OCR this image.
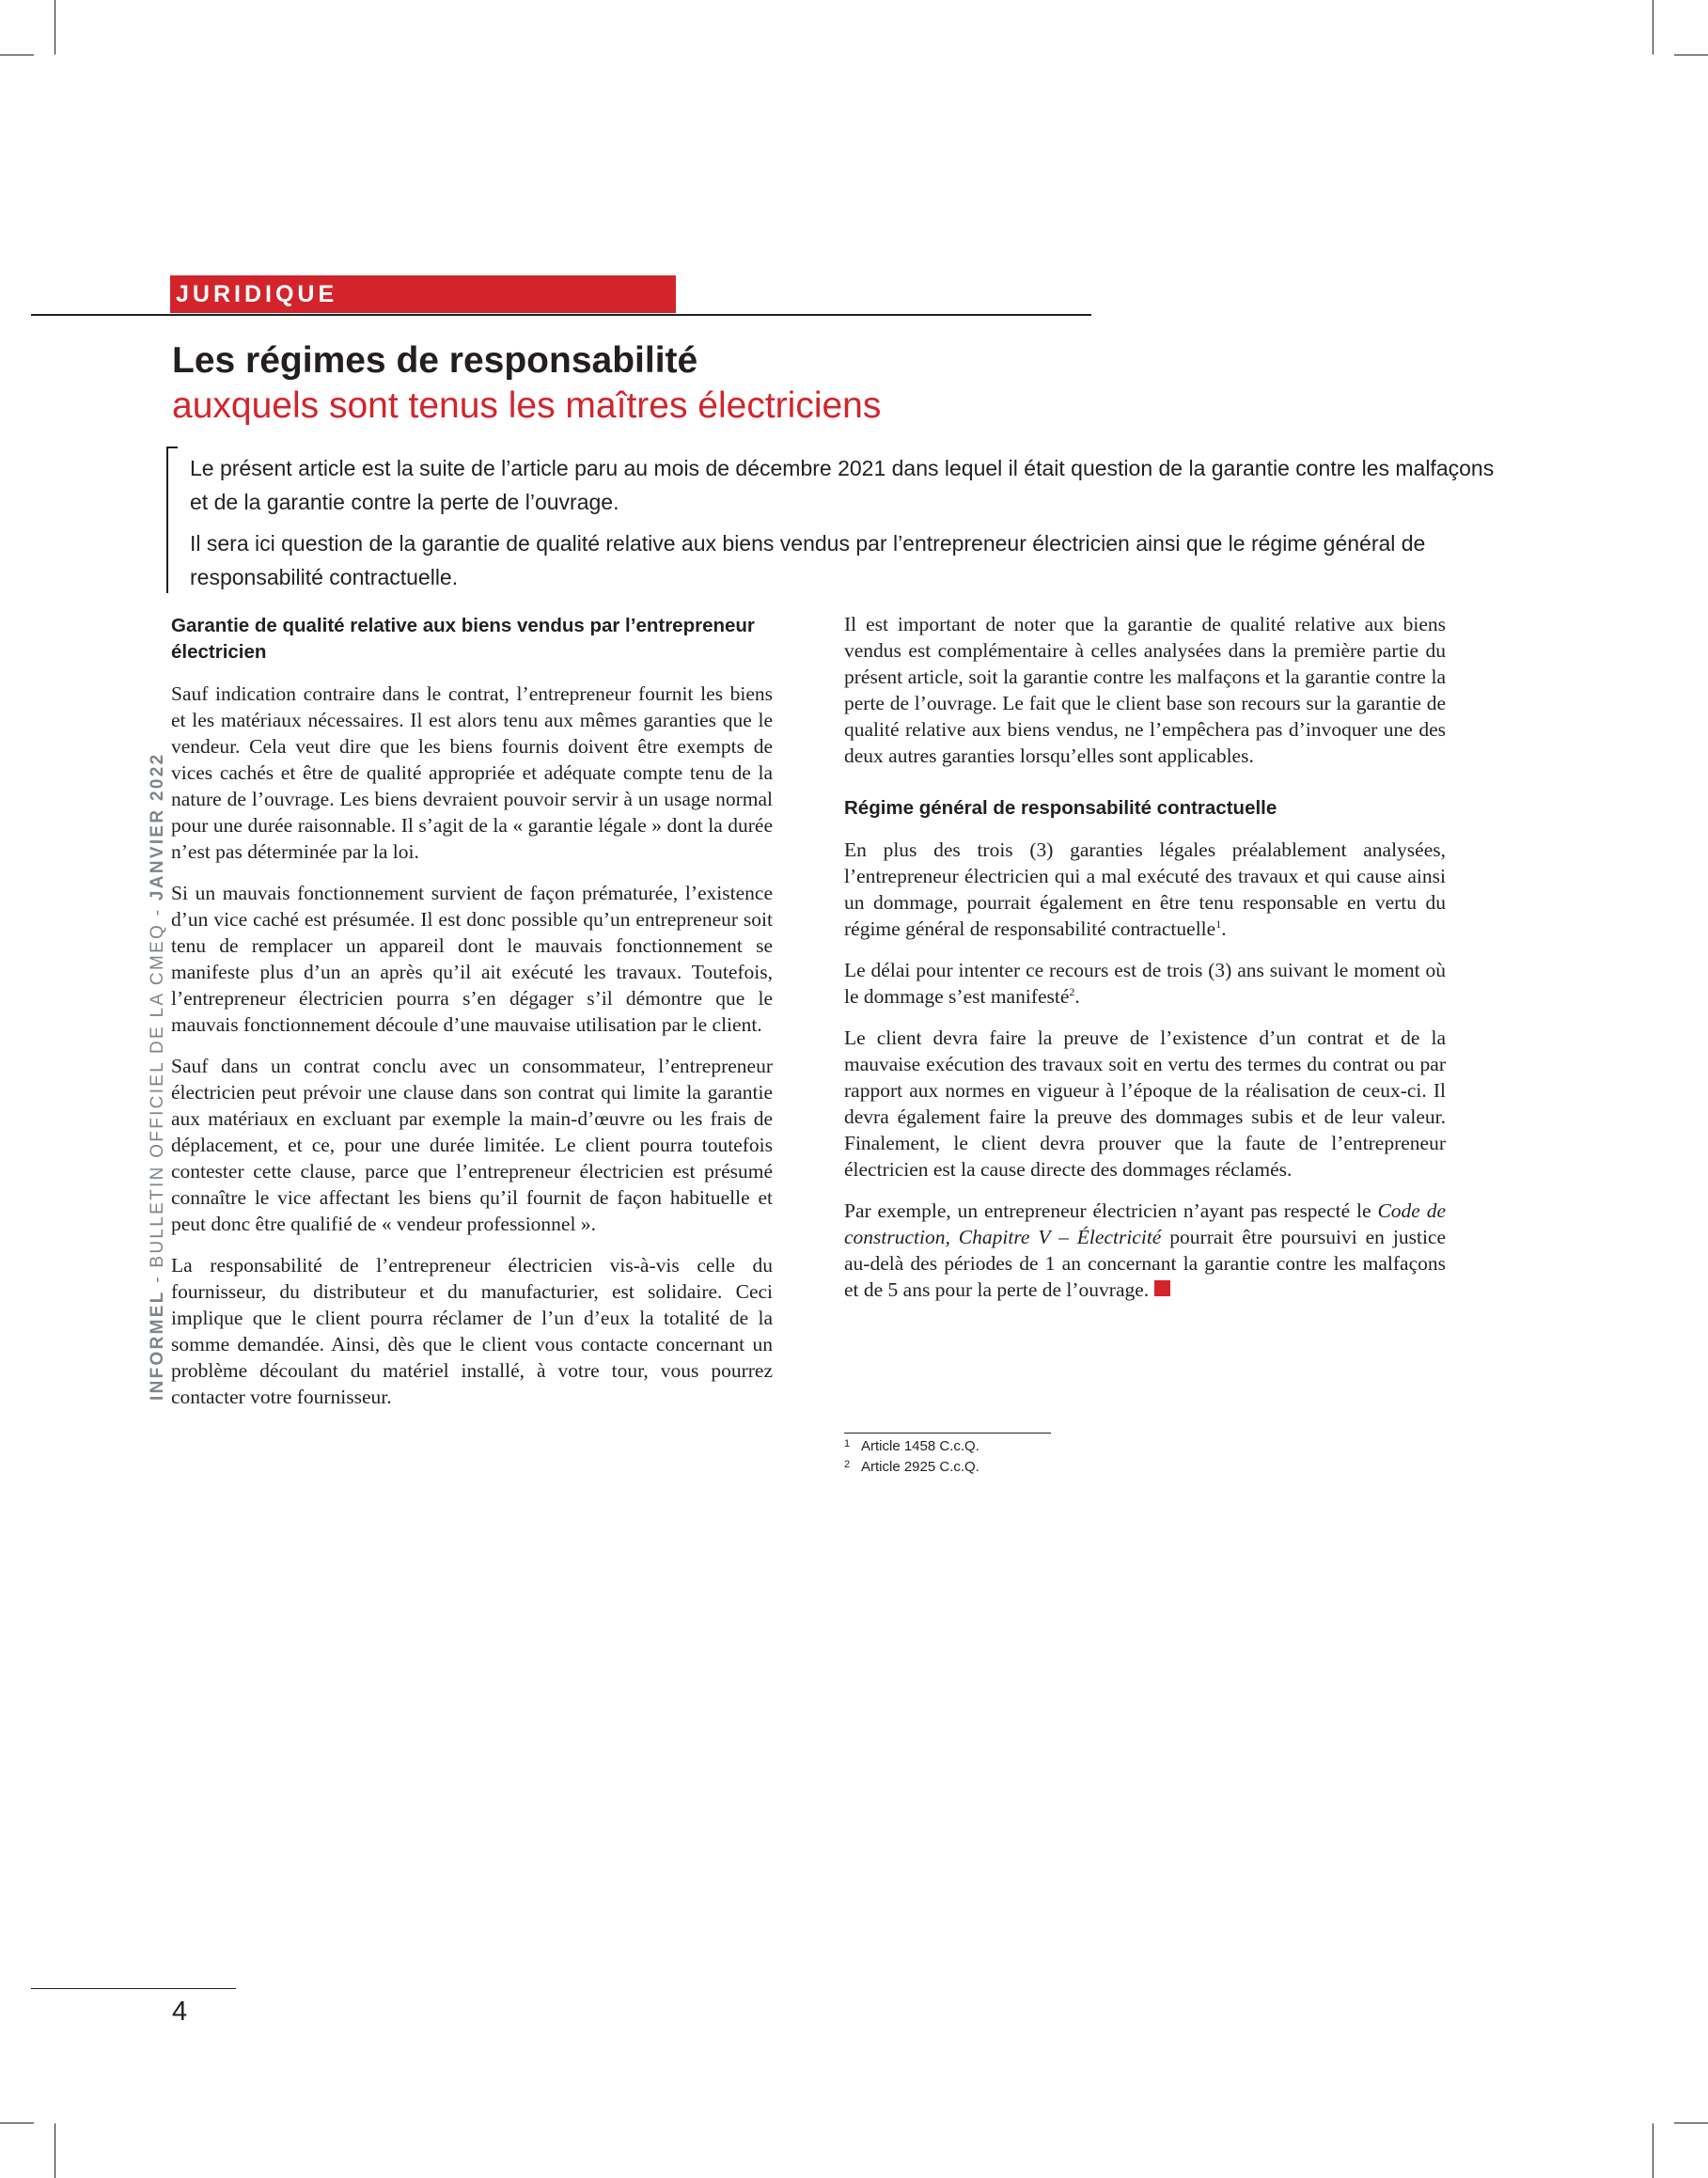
JURIDIQUE
Les régimes de responsabilité
auxquels sont tenus les maîtres électriciens

Le présent article est la suite de l’article paru au mois de décembre 2021 dans lequel il était question de la garantie contre les malfaçons et de la garantie contre la perte de l’ouvrage.

Il sera ici question de la garantie de qualité relative aux biens vendus par l’entrepreneur électricien ainsi que le régime général de responsabilité contractuelle.

Garantie de qualité relative aux biens vendus par l’entrepreneur électricien

Sauf indication contraire dans le contrat, l’entrepreneur fournit les biens et les matériaux nécessaires. Il est alors tenu aux mêmes garanties que le vendeur. Cela veut dire que les biens fournis doivent être exempts de vices cachés et être de qualité appropriée et adéquate compte tenu de la nature de l’ouvrage. Les biens devraient pouvoir servir à un usage normal pour une durée raisonnable. Il s’agit de la « garantie légale » dont la durée n’est pas déterminée par la loi.

Si un mauvais fonctionnement survient de façon prématurée, l’existence d’un vice caché est présumée. Il est donc possible qu’un entrepreneur soit tenu de remplacer un appareil dont le mauvais fonctionnement se manifeste plus d’un an après qu’il ait exécuté les travaux. Toutefois, l’entrepreneur électricien pourra s’en dégager s’il démontre que le mauvais fonctionnement découle d’une mauvaise utilisation par le client.

Sauf dans un contrat conclu avec un consommateur, l’entrepreneur électricien peut prévoir une clause dans son contrat qui limite la garantie aux matériaux en excluant par exemple la main-d’œuvre ou les frais de déplacement, et ce, pour une durée limitée. Le client pourra toutefois contester cette clause, parce que l’entrepreneur électricien est présumé connaître le vice affectant les biens qu’il fournit de façon habituelle et peut donc être qualifié de « vendeur professionnel ».

La responsabilité de l’entrepreneur électricien vis-à-vis celle du fournisseur, du distributeur et du manufacturier, est solidaire. Ceci implique que le client pourra réclamer de l’un d’eux la totalité de la somme demandée. Ainsi, dès que le client vous contacte concernant un problème découlant du matériel installé, à votre tour, vous pourrez contacter votre fournisseur.

Il est important de noter que la garantie de qualité relative aux biens vendus est complémentaire à celles analysées dans la première partie du présent article, soit la garantie contre les malfaçons et la garantie contre la perte de l’ouvrage. Le fait que le client base son recours sur la garantie de qualité relative aux biens vendus, ne l’empêchera pas d’invoquer une des deux autres garanties lorsqu’elles sont applicables.

Régime général de responsabilité contractuelle

En plus des trois (3) garanties légales préalablement analysées, l’entrepreneur électricien qui a mal exécuté des travaux et qui cause ainsi un dommage, pourrait également en être tenu responsable en vertu du régime général de responsabilité contractuelle$^1$.

Le délai pour intenter ce recours est de trois (3) ans suivant le moment où le dommage s’est manifesté$^2$.

Le client devra faire la preuve de l’existence d’un contrat et de la mauvaise exécution des travaux soit en vertu des termes du contrat ou par rapport aux normes en vigueur à l’époque de la réalisation de ceux-ci. Il devra également faire la preuve des dommages subis et de leur valeur. Finalement, le client devra prouver que la faute de l’entrepreneur électricien est la cause directe des dommages réclamés.

Par exemple, un entrepreneur électricien n’ayant pas respecté le Code de construction, Chapitre V – Électricité pourrait être poursuivi en justice au-delà des périodes de 1 an concernant la garantie contre les malfaçons et de 5 ans pour la perte de l’ouvrage.

1 Article 1458 C.c.Q.
2 Article 2925 C.c.Q.
INFORMEL - BULLETIN OFFICIEL DE LA CMEQ - JANVIER 2022
4
